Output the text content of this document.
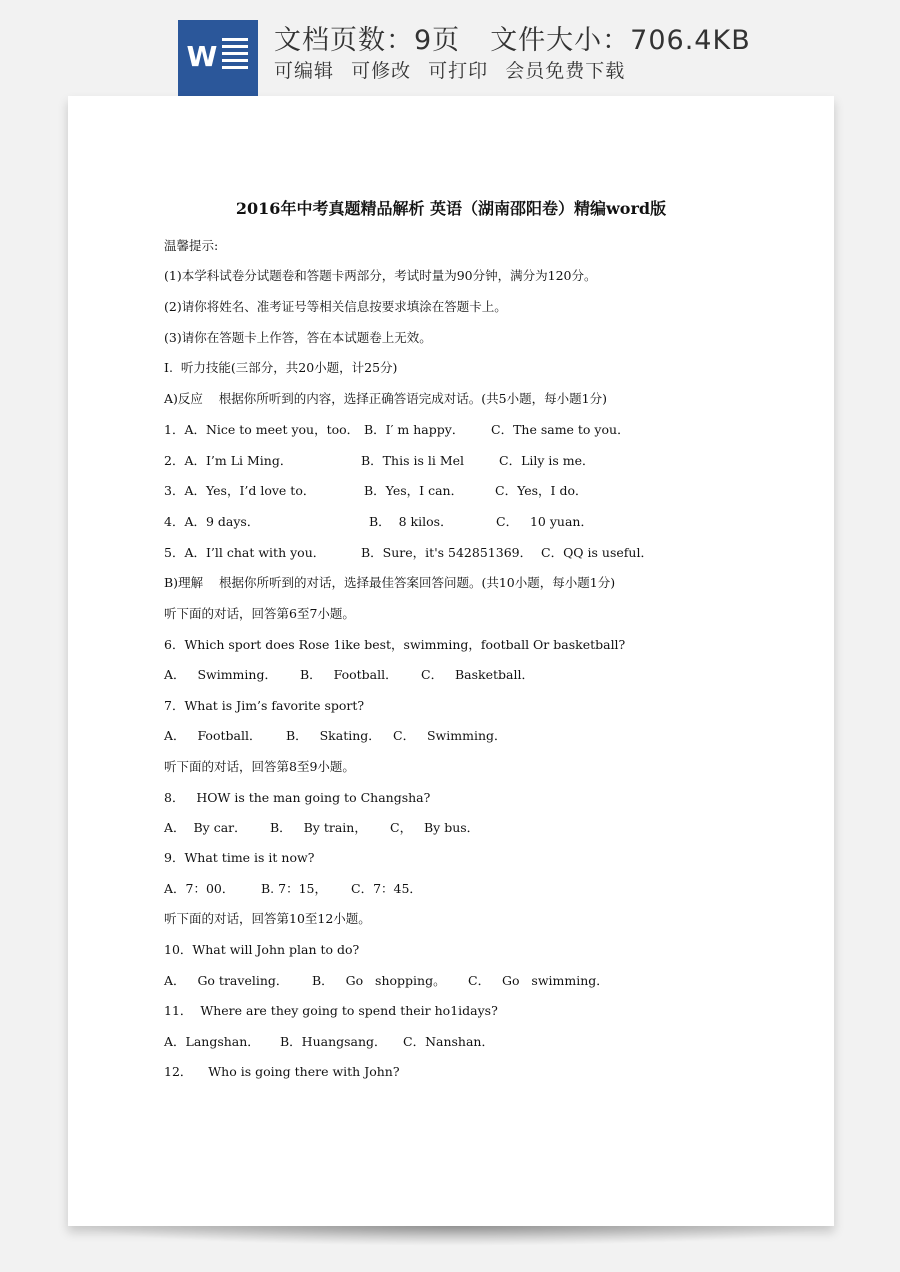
W 文档页数：9页 文件大小：706.4KB
可编辑 可修改 可打印 会员免费下载
2016年中考真题精品解析 英语（湖南邵阳卷）精编word版
温馨提示:
(1)本学科试卷分试题卷和答题卡两部分，考试时量为90分钟，满分为120分。
(2)请你将姓名、准考证号等相关信息按要求填涂在答题卡上。
(3)请你在答题卡上作答，答在本试题卷上无效。
I.  听力技能(三部分，共20小题，计25分)
A)反应    根据你所听到的内容，选择正确答语完成对话。(共5小题，每小题1分)
1．A．Nice to meet you，too． B．I′ m happy． C．The same to you．
2．A．I’m Li Ming．	B．This is li Mel	C．Lily is me．
3．A．Yes，I’d love to．	B．Yes，I can．	C．Yes，I do．
4．A．9 days．	B．  8 kilos．	C．   10 yuan．
5．A．I’ll chat with you．	B．Sure，it's 542851369． C．QQ is useful．
B)理解    根据你所听到的对话，选择最佳答案回答问题。(共10小题，每小题1分)
听下面的对话，回答第6至7小题。
6．Which sport does Rose 1ike best，swimming，football Or basketball?
A．   Swimming． B．   Football． C．   Basketball．
7．What is Jim’s favorite sport?
A．   Football． B．   Skating． C．   Swimming．
听下面的对话，回答第8至9小题。
8．   HOW is the man going to Changsha?
A．  By car． B．   By train， C，   By bus．
9．What time is it now?
A．7：00． B. 7：15， C．7：45．
听下面的对话，回答第10至12小题。
10．What will John plan to do?
A．   Go traveling． B．   Go   shopping。 C．   Go   swimming．
11．  Where are they going to spend their ho1idays?
A．Langshan． B．Huangsang． C．Nanshan．
12．    Who is going there with John?
